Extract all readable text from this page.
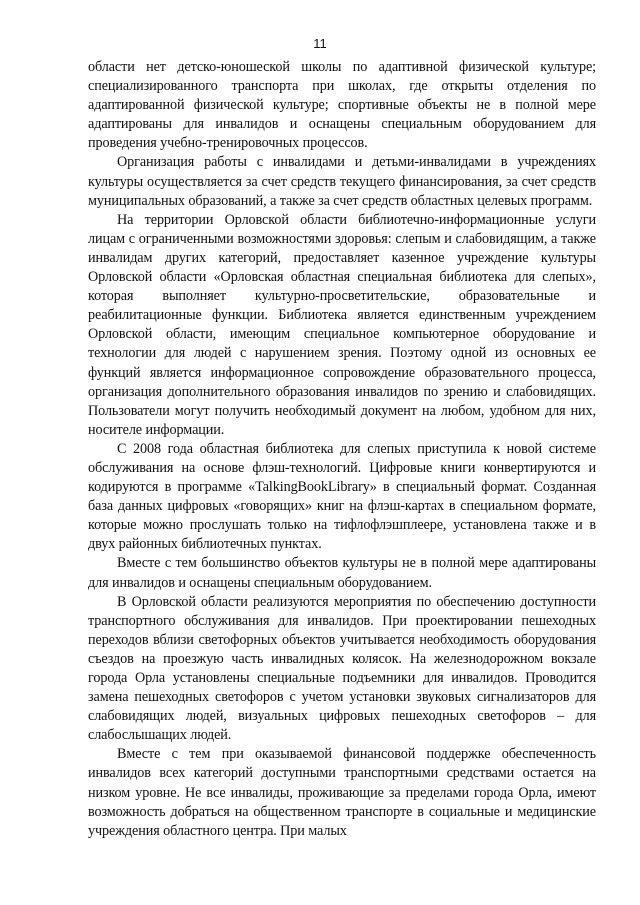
11

области нет детско-юношеской школы по адаптивной физической культуре; специализированного транспорта при школах, где открыты отделения по адаптированной физической культуре; спортивные объекты не в полной мере адаптированы для инвалидов и оснащены специальным оборудованием для проведения учебно-тренировочных процессов.

Организация работы с инвалидами и детьми-инвалидами в учреждениях культуры осуществляется за счет средств текущего финансирования, за счет средств муниципальных образований, а также за счет средств областных целевых программ.

На территории Орловской области библиотечно-информационные услуги лицам с ограниченными возможностями здоровья: слепым и слабовидящим, а также инвалидам других категорий, предоставляет казенное учреждение культуры Орловской области «Орловская областная специальная библиотека для слепых», которая выполняет культурно-просветительские, образовательные и реабилитационные функции. Библиотека является единственным учреждением Орловской области, имеющим специальное компьютерное оборудование и технологии для людей с нарушением зрения. Поэтому одной из основных ее функций является информационное сопровождение образовательного процесса, организация дополнительного образования инвалидов по зрению и слабовидящих. Пользователи могут получить необходимый документ на любом, удобном для них, носителе информации.

С 2008 года областная библиотека для слепых приступила к новой системе обслуживания на основе флэш-технологий. Цифровые книги конвертируются и кодируются в программе «TalkingBookLibrary» в специальный формат. Созданная база данных цифровых «говорящих» книг на флэш-картах в специальном формате, которые можно прослушать только на тифлофлэшплеере, установлена также и в двух районных библиотечных пунктах.

Вместе с тем большинство объектов культуры не в полной мере адаптированы для инвалидов и оснащены специальным оборудованием.

В Орловской области реализуются мероприятия по обеспечению доступности транспортного обслуживания для инвалидов. При проектировании пешеходных переходов вблизи светофорных объектов учитывается необходимость оборудования съездов на проезжую часть инвалидных колясок. На железнодорожном вокзале города Орла установлены специальные подъемники для инвалидов. Проводится замена пешеходных светофоров с учетом установки звуковых сигнализаторов для слабовидящих людей, визуальных цифровых пешеходных светофоров – для слабослышащих людей.

Вместе с тем при оказываемой финансовой поддержке обеспеченность инвалидов всех категорий доступными транспортными средствами остается на низком уровне. Не все инвалиды, проживающие за пределами города Орла, имеют возможность добраться на общественном транспорте в социальные и медицинские учреждения областного центра. При малых
